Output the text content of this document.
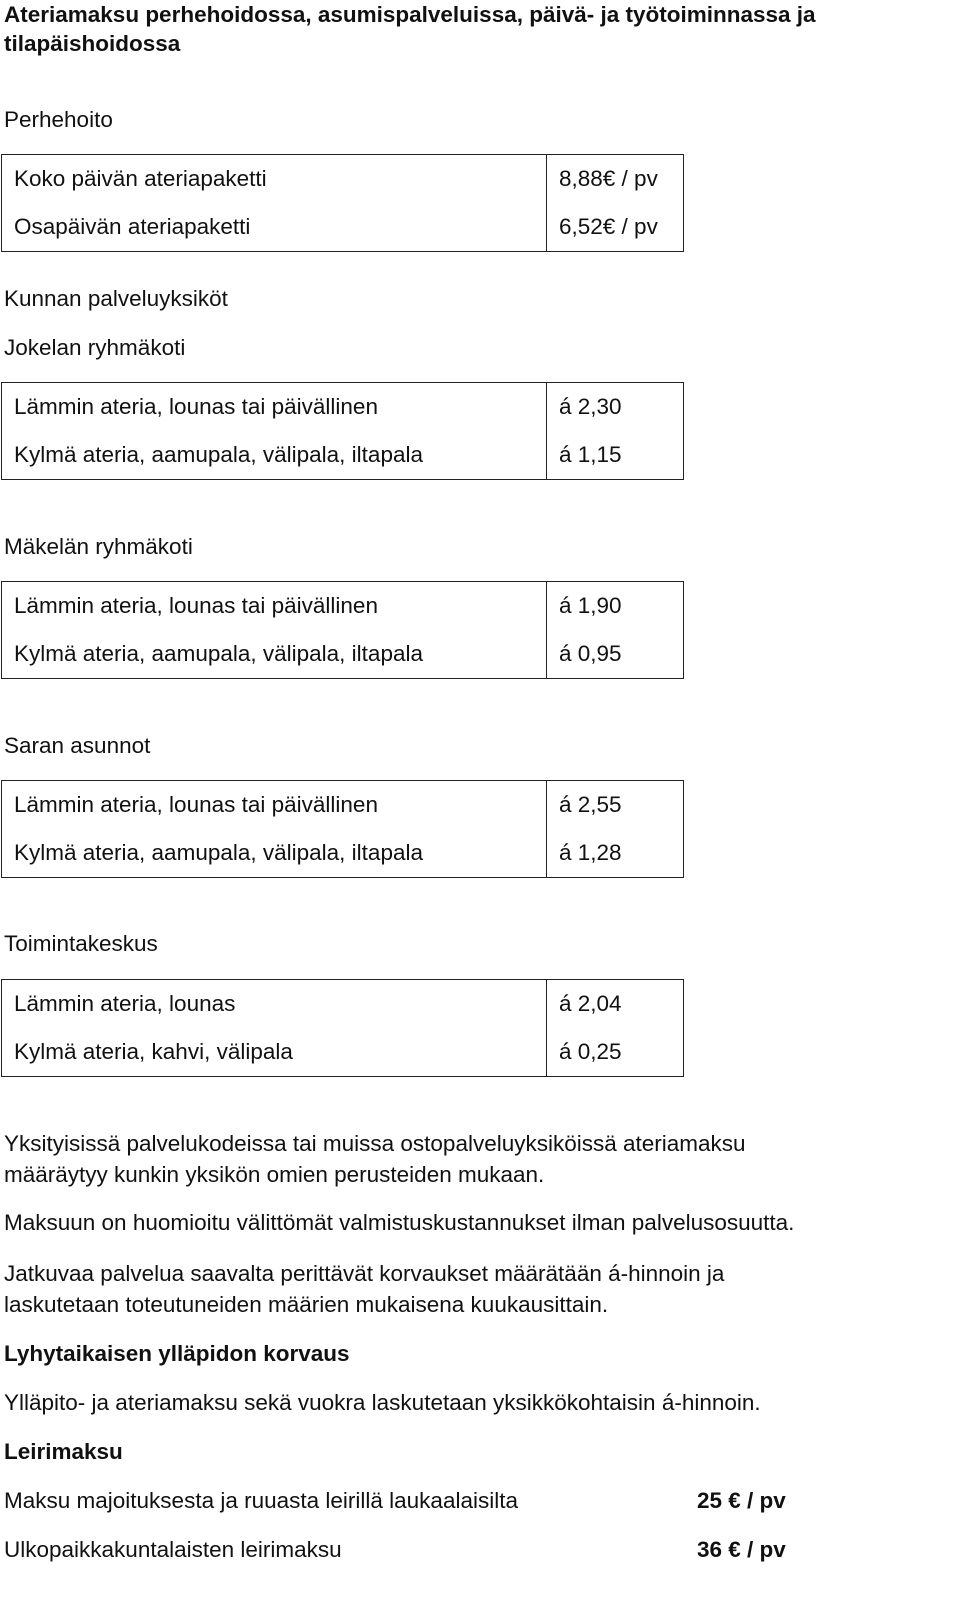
Ateriamaksu perhehoidossa, asumispalveluissa, päivä- ja työtoiminnassa ja
tilapäishoidossa
Perhehoito
Koko päivän ateriapaketti	8,88€ / pv
Osapäivän ateriapaketti	6,52€ / pv
Kunnan palveluyksiköt
Jokelan ryhmäkoti
Lämmin ateria, lounas tai päivällinen	á 2,30
Kylmä ateria, aamupala, välipala, iltapala	á 1,15
Mäkelän ryhmäkoti
Lämmin ateria, lounas tai päivällinen	á 1,90
Kylmä ateria, aamupala, välipala, iltapala	á 0,95
Saran asunnot
Lämmin ateria, lounas tai päivällinen	á 2,55
Kylmä ateria, aamupala, välipala, iltapala	á 1,28
Toimintakeskus
Lämmin ateria, lounas	á 2,04
Kylmä ateria, kahvi, välipala	á 0,25
Yksityisissä palvelukodeissa tai muissa ostopalveluyksiköissä ateriamaksu
määräytyy kunkin yksikön omien perusteiden mukaan.
Maksuun on huomioitu välittömät valmistuskustannukset ilman palvelusosuutta.
Jatkuvaa palvelua saavalta perittävät korvaukset määrätään á-hinnoin ja
laskutetaan toteutuneiden määrien mukaisena kuukausittain.
Lyhytaikaisen ylläpidon korvaus
Ylläpito- ja ateriamaksu sekä vuokra laskutetaan yksikkökohtaisin á-hinnoin.
Leirimaksu
Maksu majoituksesta ja ruuasta leirillä laukaalaisilta	25 € / pv
Ulkopaikkakuntalaisten leirimaksu	36 € / pv
